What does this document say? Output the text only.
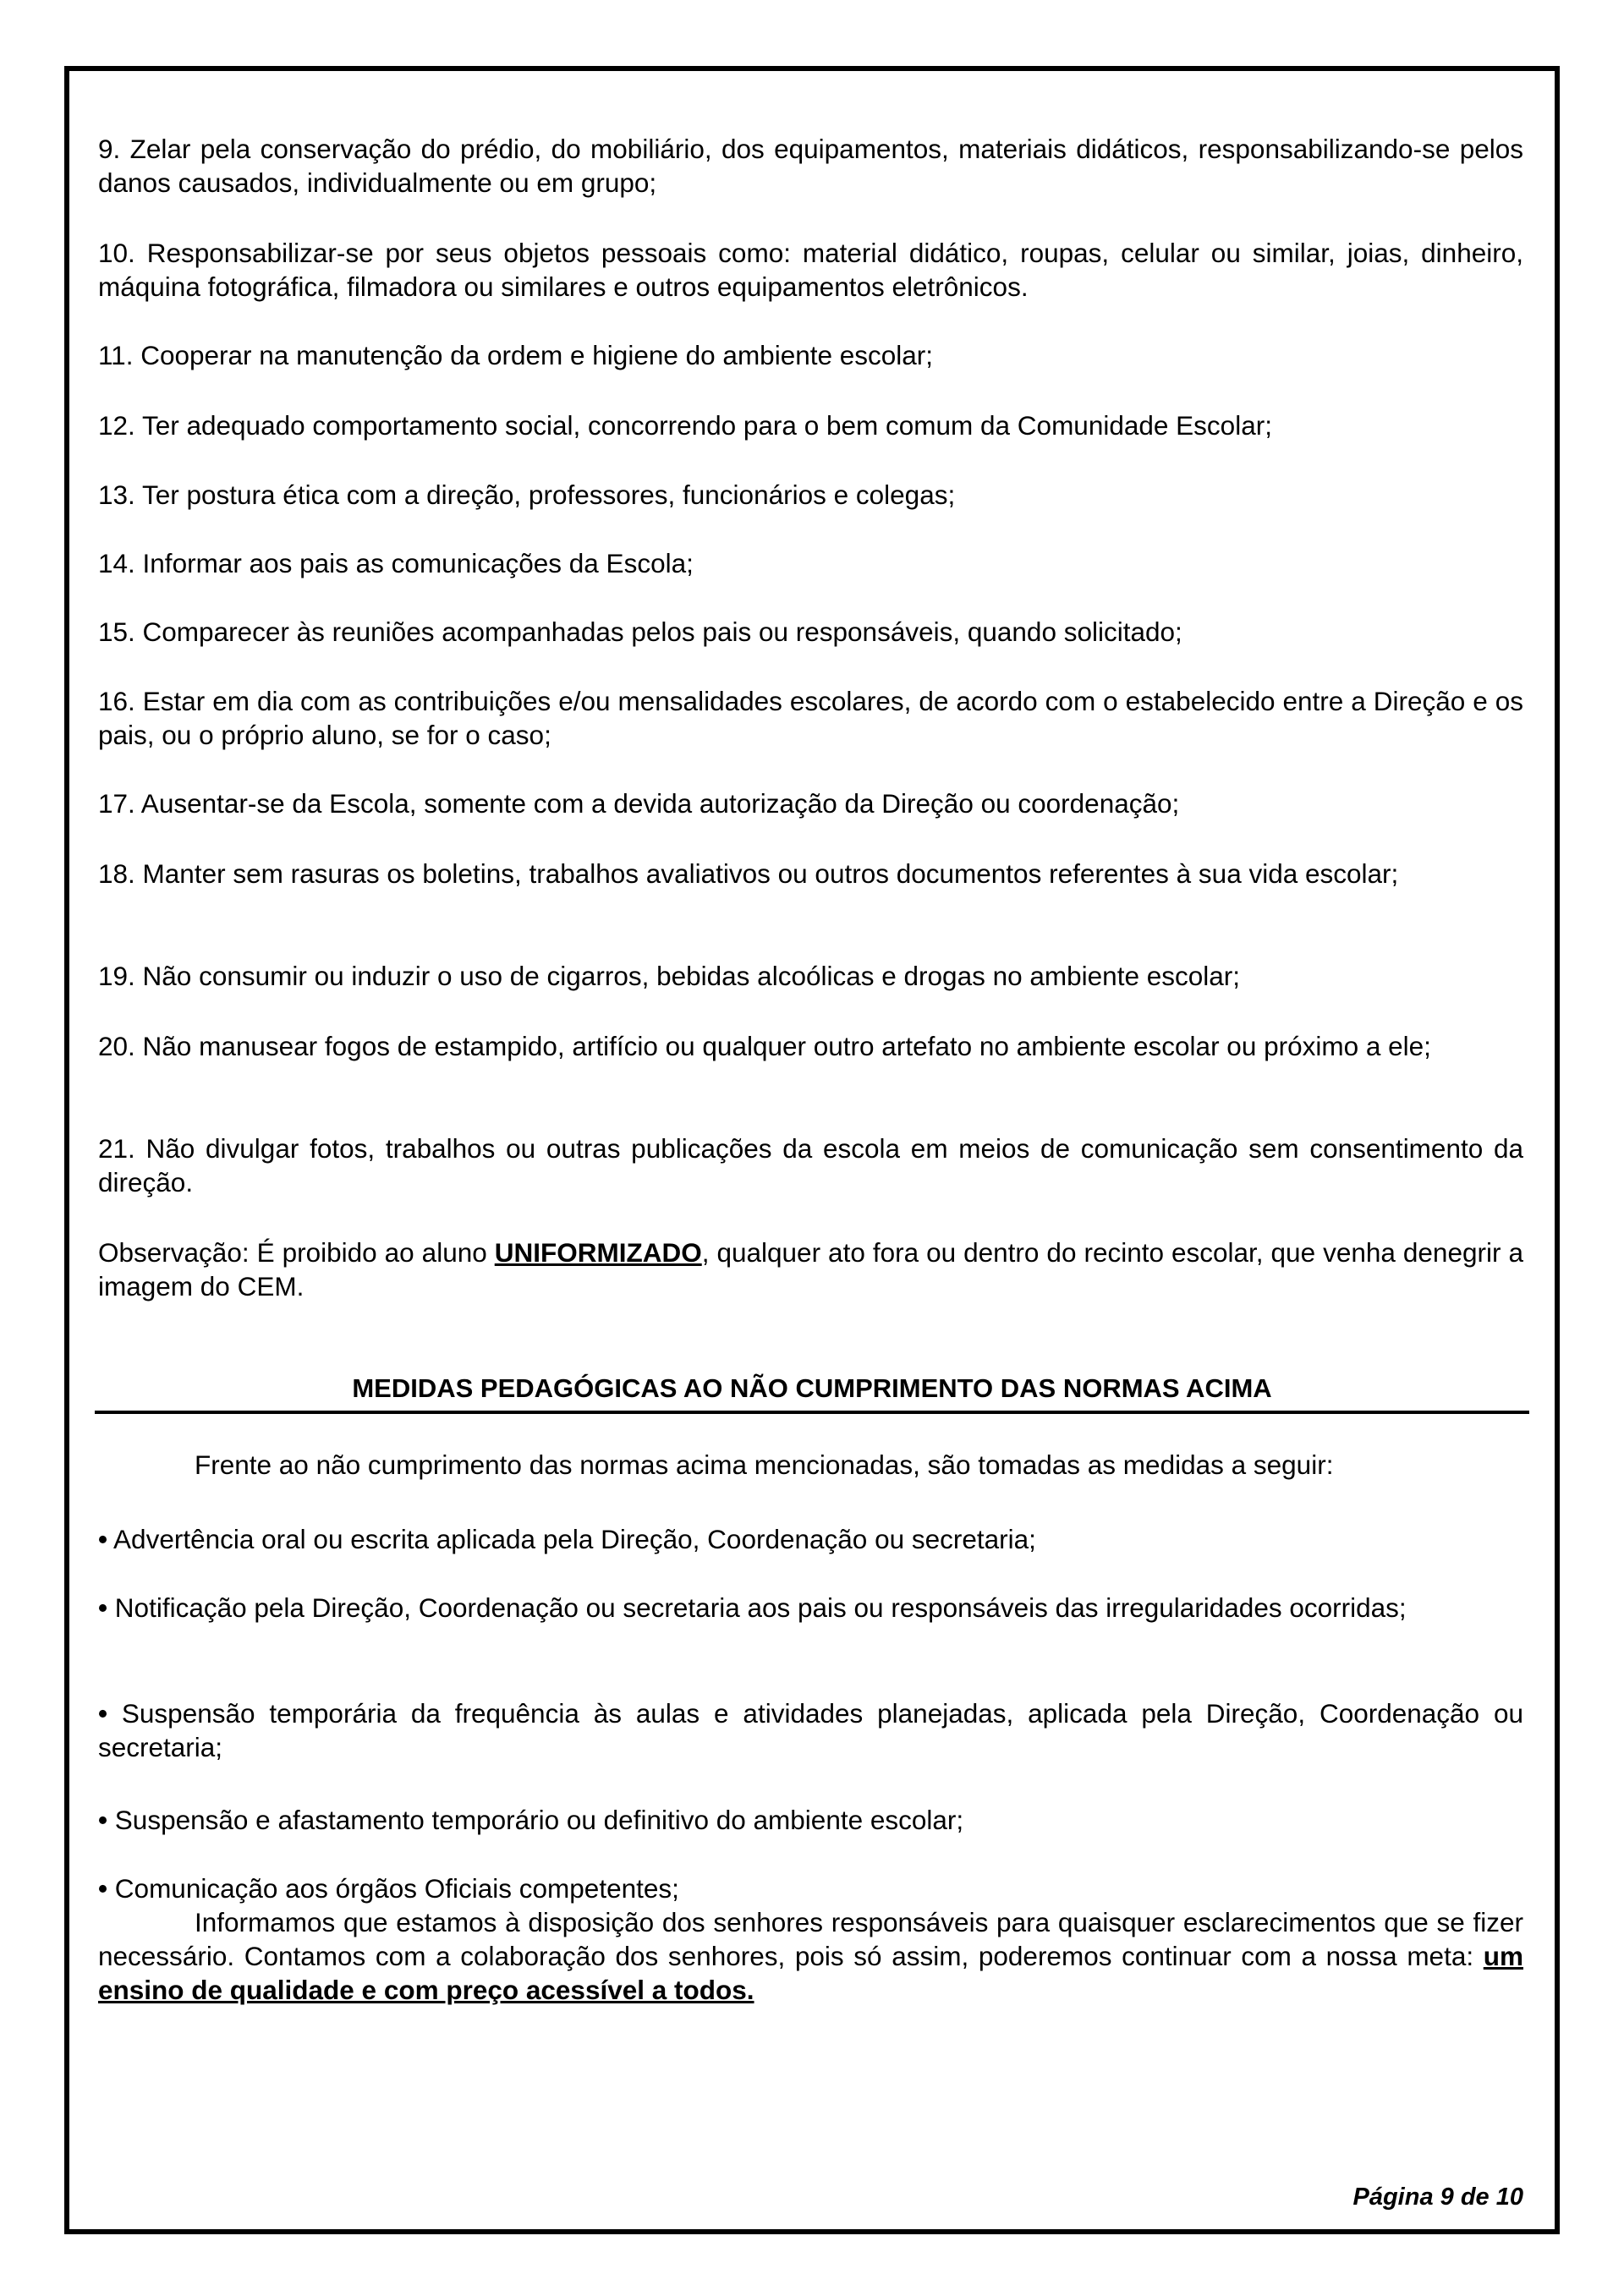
9. Zelar pela conservação do prédio, do mobiliário, dos equipamentos, materiais didáticos, responsabilizando-se pelos danos causados, individualmente ou em grupo;

10. Responsabilizar-se por seus objetos pessoais como: material didático, roupas, celular ou similar, joias, dinheiro, máquina fotográfica, filmadora ou similares e outros equipamentos eletrônicos.

11. Cooperar na manutenção da ordem e higiene do ambiente escolar;

12. Ter adequado comportamento social, concorrendo para o bem comum da Comunidade Escolar;

13. Ter postura ética com a direção, professores, funcionários e colegas;

14. Informar aos pais as comunicações da Escola;

15. Comparecer às reuniões acompanhadas pelos pais ou responsáveis, quando solicitado;

16. Estar em dia com as contribuições e/ou mensalidades escolares, de acordo com o estabelecido entre a Direção e os pais, ou o próprio aluno, se for o caso;

17. Ausentar-se da Escola, somente com a devida autorização da Direção ou coordenação;

18. Manter sem rasuras os boletins, trabalhos avaliativos ou outros documentos referentes à sua vida escolar;

19. Não consumir ou induzir o uso de cigarros, bebidas alcoólicas e drogas no ambiente escolar;

20. Não manusear fogos de estampido, artifício ou qualquer outro artefato no ambiente escolar ou próximo a ele;

21. Não divulgar fotos, trabalhos ou outras publicações da escola em meios de comunicação sem consentimento da direção.

Observação: É proibido ao aluno UNIFORMIZADO, qualquer ato fora ou dentro do recinto escolar, que venha denegrir a imagem do CEM.

MEDIDAS PEDAGÓGICAS AO NÃO CUMPRIMENTO DAS NORMAS ACIMA

Frente ao não cumprimento das normas acima mencionadas, são tomadas as medidas a seguir:

• Advertência oral ou escrita aplicada pela Direção, Coordenação ou secretaria;

• Notificação pela Direção, Coordenação ou secretaria aos pais ou responsáveis das irregularidades ocorridas;

• Suspensão temporária da frequência às aulas e atividades planejadas, aplicada pela Direção, Coordenação ou secretaria;

• Suspensão e afastamento temporário ou definitivo do ambiente escolar;

• Comunicação aos órgãos Oficiais competentes;

Informamos que estamos à disposição dos senhores responsáveis para quaisquer esclarecimentos que se fizer necessário. Contamos com a colaboração dos senhores, pois só assim, poderemos continuar com a nossa meta: um ensino de qualidade e com preço acessível a todos.

Página 9 de 10
